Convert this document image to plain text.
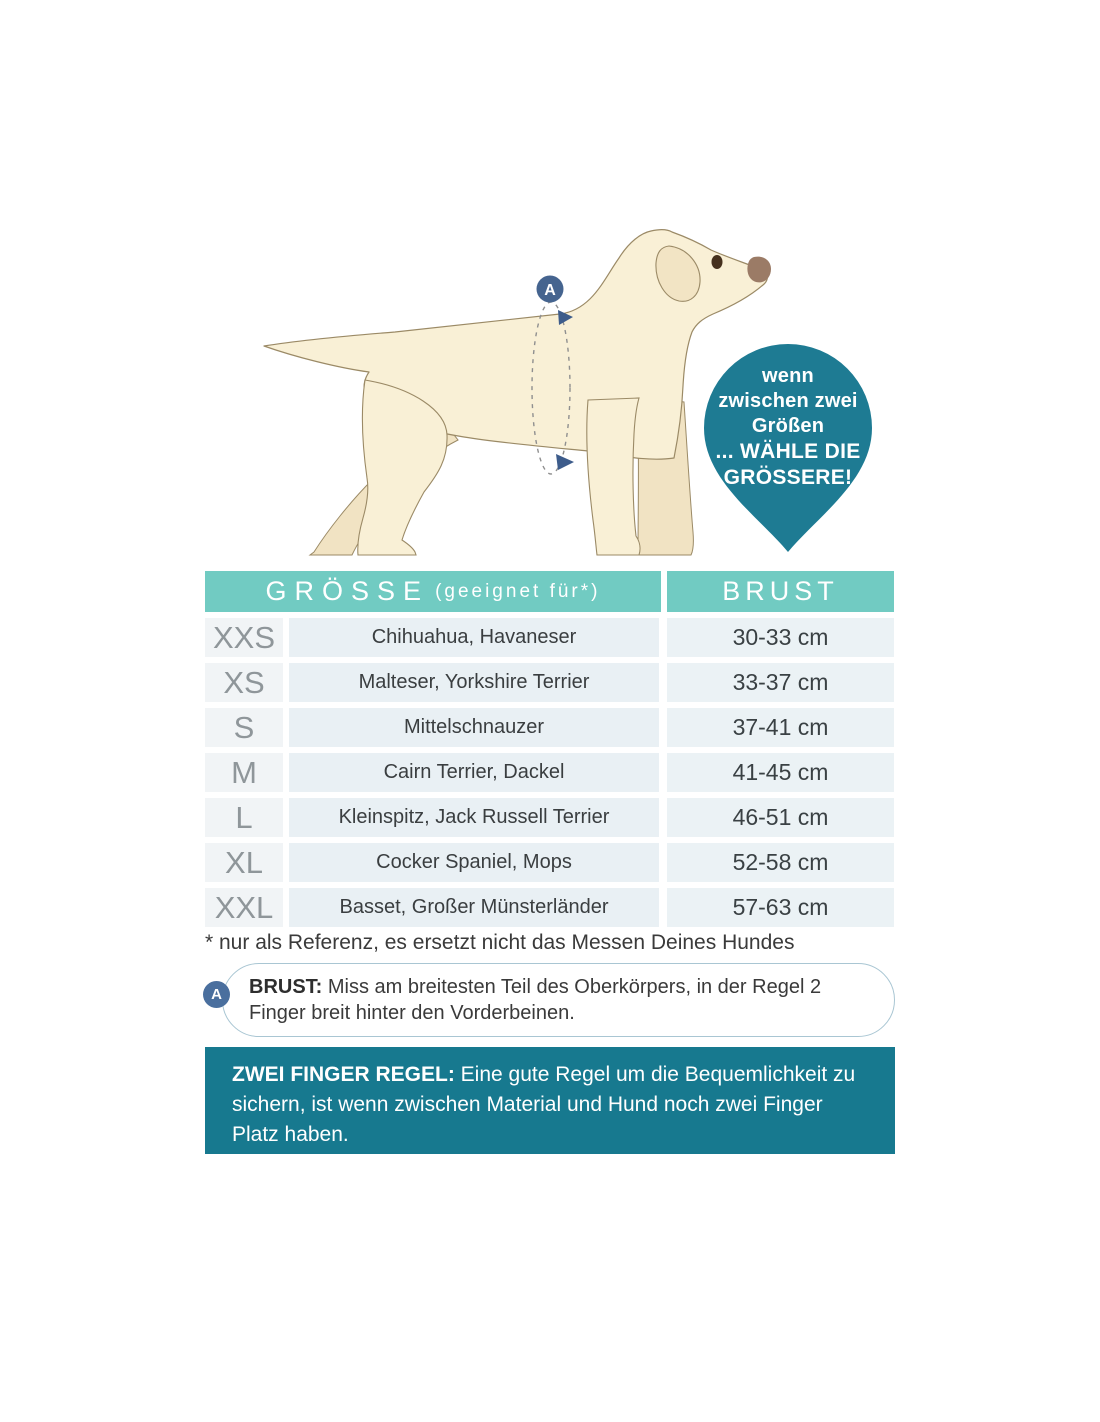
A
wenn
zwischen zwei
Größen
... WÄHLE DIE
GRÖSSERE!
GRÖSSE (geeignet für*)	BRUST
XXS	Chihuahua, Havaneser	30-33 cm
XS	Malteser, Yorkshire Terrier	33-37 cm
S	Mittelschnauzer	37-41 cm
M	Cairn Terrier, Dackel	41-45 cm
L	Kleinspitz, Jack Russell Terrier	46-51 cm
XL	Cocker Spaniel, Mops	52-58 cm
XXL	Basset, Großer Münsterländer	57-63 cm
* nur als Referenz, es ersetzt nicht das Messen Deines Hundes
BRUST: Miss am breitesten Teil des Oberkörpers, in der Regel 2 Finger breit hinter den Vorderbeinen.
A
ZWEI FINGER REGEL: Eine gute Regel um die Bequemlichkeit zu sichern, ist wenn zwischen Material und Hund noch zwei Finger Platz haben.
